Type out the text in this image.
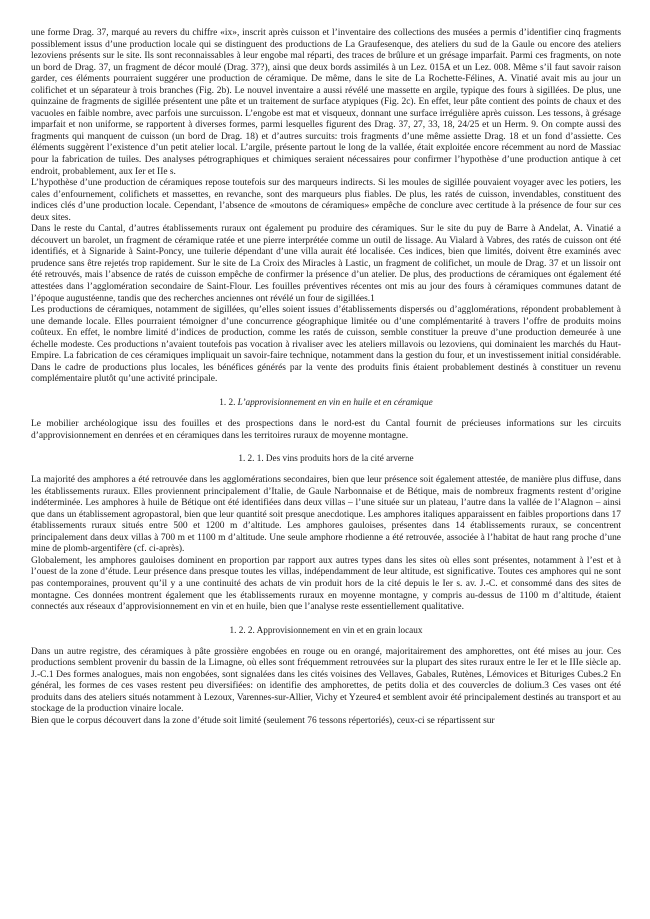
une forme Drag. 37, marqué au revers du chiffre «ix», inscrit après cuisson et l’inventaire des collections des musées a permis d’identifier cinq fragments possiblement issus d’une production locale qui se distinguent des productions de La Graufesenque, des ateliers du sud de la Gaule ou encore des ateliers lezoviens présents sur le site. Ils sont reconnaissables à leur engobe mal réparti, des traces de brûlure et un grésage imparfait. Parmi ces fragments, on note un bord de Drag. 37, un fragment de décor moulé (Drag. 37?), ainsi que deux bords assimilés à un Lez. 015A et un Lez. 008. Même s’il faut savoir raison garder, ces éléments pourraient suggérer une production de céramique. De même, dans le site de La Rochette-Félines, A. Vinatié avait mis au jour un colifichet et un séparateur à trois branches (Fig. 2b). Le nouvel inventaire a aussi révélé une massette en argile, typique des fours à sigillées. De plus, une quinzaine de fragments de sigillée présentent une pâte et un traitement de surface atypiques (Fig. 2c). En effet, leur pâte contient des points de chaux et des vacuoles en faible nombre, avec parfois une surcuisson. L’engobe est mat et visqueux, donnant une surface irrégulière après cuisson. Les tessons, à grésage imparfait et non uniforme, se rapportent à diverses formes, parmi lesquelles figurent des Drag. 37, 27, 33, 18, 24/25 et un Herm. 9. On compte aussi des fragments qui manquent de cuisson (un bord de Drag. 18) et d’autres surcuits: trois fragments d’une même assiette Drag. 18 et un fond d’assiette. Ces éléments suggèrent l’existence d’un petit atelier local. L’argile, présente partout le long de la vallée, était exploitée encore récemment au nord de Massiac pour la fabrication de tuiles. Des analyses pétrographiques et chimiques seraient nécessaires pour confirmer l’hypothèse d’une production antique à cet endroit, probablement, aux Ier et IIe s.

L’hypothèse d’une production de céramiques repose toutefois sur des marqueurs indirects. Si les moules de sigillée pouvaient voyager avec les potiers, les cales d’enfournement, colifichets et massettes, en revanche, sont des marqueurs plus fiables. De plus, les ratés de cuisson, invendables, constituent des indices clés d’une production locale. Cependant, l’absence de «moutons de céramiques» empêche de conclure avec certitude à la présence de four sur ces deux sites.

Dans le reste du Cantal, d’autres établissements ruraux ont également pu produire des céramiques. Sur le site du puy de Barre à Andelat, A. Vinatié a découvert un barolet, un fragment de céramique ratée et une pierre interprétée comme un outil de lissage. Au Vialard à Vabres, des ratés de cuisson ont été identifiés, et à Signaride à Saint-Poncy, une tuilerie dépendant d’une villa aurait été localisée. Ces indices, bien que limités, doivent être examinés avec prudence sans être rejetés trop rapidement. Sur le site de La Croix des Miracles à Lastic, un fragment de colifichet, un moule de Drag. 37 et un lissoir ont été retrouvés, mais l’absence de ratés de cuisson empêche de confirmer la présence d’un atelier. De plus, des productions de céramiques ont également été attestées dans l’agglomération secondaire de Saint-Flour. Les fouilles préventives récentes ont mis au jour des fours à céramiques communes datant de l’époque augustéenne, tandis que des recherches anciennes ont révélé un four de sigillées.1

Les productions de céramiques, notamment de sigillées, qu’elles soient issues d’établissements dispersés ou d’agglomérations, répondent probablement à une demande locale. Elles pourraient témoigner d’une concurrence géographique limitée ou d’une complémentarité à travers l’offre de produits moins coûteux. En effet, le nombre limité d’indices de production, comme les ratés de cuisson, semble constituer la preuve d’une production demeurée à une échelle modeste. Ces productions n’avaient toutefois pas vocation à rivaliser avec les ateliers millavois ou lezoviens, qui dominaient les marchés du Haut-Empire. La fabrication de ces céramiques impliquait un savoir-faire technique, notamment dans la gestion du four, et un investissement initial considérable. Dans le cadre de productions plus locales, les bénéfices générés par la vente des produits finis étaient probablement destinés à constituer un revenu complémentaire plutôt qu’une activité principale.

1. 2. L’approvisionnement en vin en huile et en céramique

Le mobilier archéologique issu des fouilles et des prospections dans le nord-est du Cantal fournit de précieuses informations sur les circuits d’approvisionnement en denrées et en céramiques dans les territoires ruraux de moyenne montagne.

1. 2. 1. Des vins produits hors de la cité arverne

La majorité des amphores a été retrouvée dans les agglomérations secondaires, bien que leur présence soit également attestée, de manière plus diffuse, dans les établissements ruraux. Elles proviennent principalement d’Italie, de Gaule Narbonnaise et de Bétique, mais de nombreux fragments restent d’origine indéterminée. Les amphores à huile de Bétique ont été identifiées dans deux villas – l’une située sur un plateau, l’autre dans la vallée de l’Alagnon – ainsi que dans un établissement agropastoral, bien que leur quantité soit presque anecdotique. Les amphores italiques apparaissent en faibles proportions dans 17 établissements ruraux situés entre 500 et 1200 m d’altitude. Les amphores gauloises, présentes dans 14 établissements ruraux, se concentrent principalement dans deux villas à 700 m et 1100 m d’altitude. Une seule amphore rhodienne a été retrouvée, associée à l’habitat de haut rang proche d’une mine de plomb-argentifère (cf. ci-après).

Globalement, les amphores gauloises dominent en proportion par rapport aux autres types dans les sites où elles sont présentes, notamment à l’est et à l’ouest de la zone d’étude. Leur présence dans presque toutes les villas, indépendamment de leur altitude, est significative. Toutes ces amphores qui ne sont pas contemporaines, prouvent qu’il y a une continuité des achats de vin produit hors de la cité depuis le Ier s. av. J.-C. et consommé dans des sites de montagne. Ces données montrent également que les établissements ruraux en moyenne montagne, y compris au-dessus de 1100 m d’altitude, étaient connectés aux réseaux d’approvisionnement en vin et en huile, bien que l’analyse reste essentiellement qualitative.

1. 2. 2. Approvisionnement en vin et en grain locaux

Dans un autre registre, des céramiques à pâte grossière engobées en rouge ou en orangé, majoritairement des amphorettes, ont été mises au jour. Ces productions semblent provenir du bassin de la Limagne, où elles sont fréquemment retrouvées sur la plupart des sites ruraux entre le Ier et le IIIe siècle ap. J.-C.1 Des formes analogues, mais non engobées, sont signalées dans les cités voisines des Vellaves, Gabales, Rutènes, Lémovices et Bituriges Cubes.2 En général, les formes de ces vases restent peu diversifiées: on identifie des amphorettes, de petits dolia et des couvercles de dolium.3 Ces vases ont été produits dans des ateliers situés notamment à Lezoux, Varennes-sur-Allier, Vichy et Yzeure4 et semblent avoir été principalement destinés au transport et au stockage de la production vinaire locale.

Bien que le corpus découvert dans la zone d’étude soit limité (seulement 76 tessons répertoriés), ceux-ci se répartissent sur
